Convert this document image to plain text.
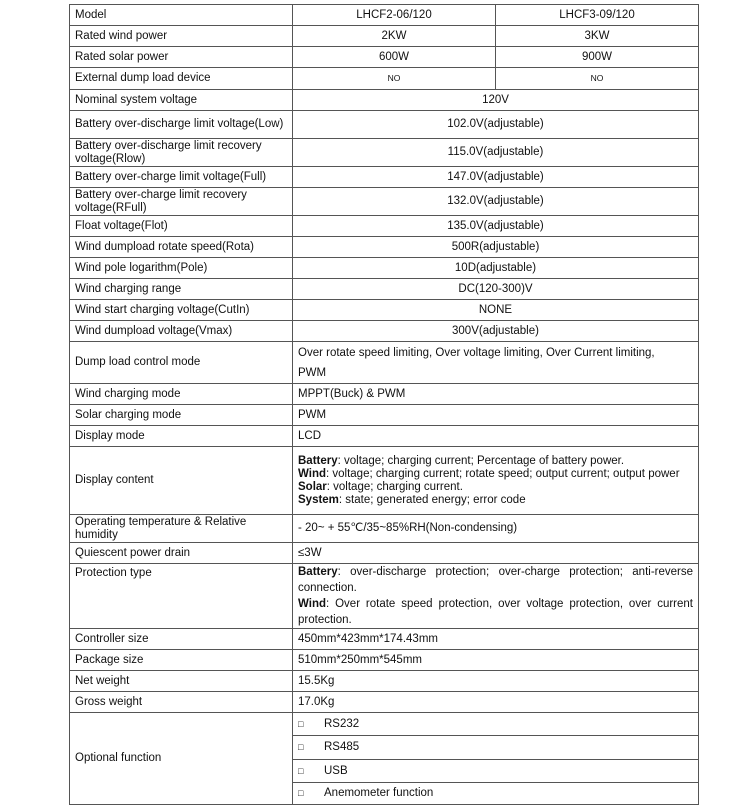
Model	LHCF2-06/120	LHCF3-09/120
Rated wind power	2KW	3KW
Rated solar power	600W	900W
External dump load device	NO	NO
Nominal system voltage	120V	
Battery over-discharge limit voltage(Low)	102.0V(adjustable)	
Battery over-discharge limit recovery voltage(Rlow)	115.0V(adjustable)	
Battery over-charge limit voltage(Full)	147.0V(adjustable)	
Battery over-charge limit recovery voltage(RFull)	132.0V(adjustable)	
Float voltage(Flot)	135.0V(adjustable)	
Wind dumpload rotate speed(Rota)	500R(adjustable)	
Wind pole logarithm(Pole)	10D(adjustable)	
Wind charging range	DC(120-300)V	
Wind start charging voltage(CutIn)	NONE	
Wind dumpload voltage(Vmax)	300V(adjustable)	
Dump load control mode	Over rotate speed limiting, Over voltage limiting, Over Current limiting,

PWM	

Wind charging mode	MPPT(Buck) & PWM	
Solar charging mode	PWM	
Display mode	LCD	
Display content	Battery: voltage; charging current; Percentage of battery power.

Wind: voltage; charging current; rotate speed; output current; output power

Solar: voltage; charging current.

System: state; generated energy; error code	

Operating temperature & Relative humidity	- 20~ + 55℃/35~85%RH(Non-condensing)	
Quiescent power drain	≤3W	
Protection type	Battery: over-discharge protection; over-charge protection; anti-reverse connection.

Wind: Over rotate speed protection, over voltage protection, over current protection.	

Controller size	450mm*423mm*174.43mm	
Package size	510mm*250mm*545mm	
Net weight	15.5Kg	
Gross weight	17.0Kg	
Optional function	□ RS232	
	□ RS485	
	□ USB	
	□ Anemometer function	
